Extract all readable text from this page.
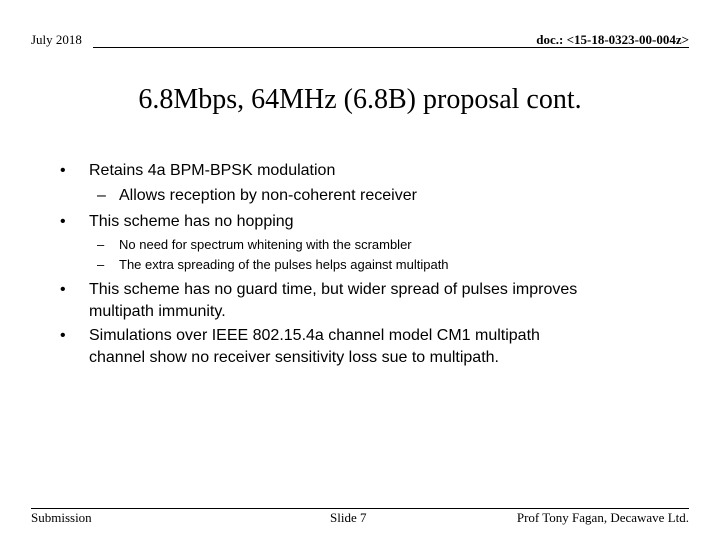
July 2018	doc.: <15-18-0323-00-004z>
6.8Mbps, 64MHz (6.8B) proposal cont.
• Retains 4a BPM-BPSK modulation
– Allows reception by non-coherent receiver
• This scheme has no hopping
– No need for spectrum whitening with the scrambler
– The extra spreading of the pulses helps against multipath
• This scheme has no guard time, but wider spread of pulses improves
multipath immunity.
• Simulations over IEEE 802.15.4a channel model CM1 multipath
channel show no receiver sensitivity loss sue to multipath.
Submission	Slide 7	Prof Tony Fagan, Decawave Ltd.
